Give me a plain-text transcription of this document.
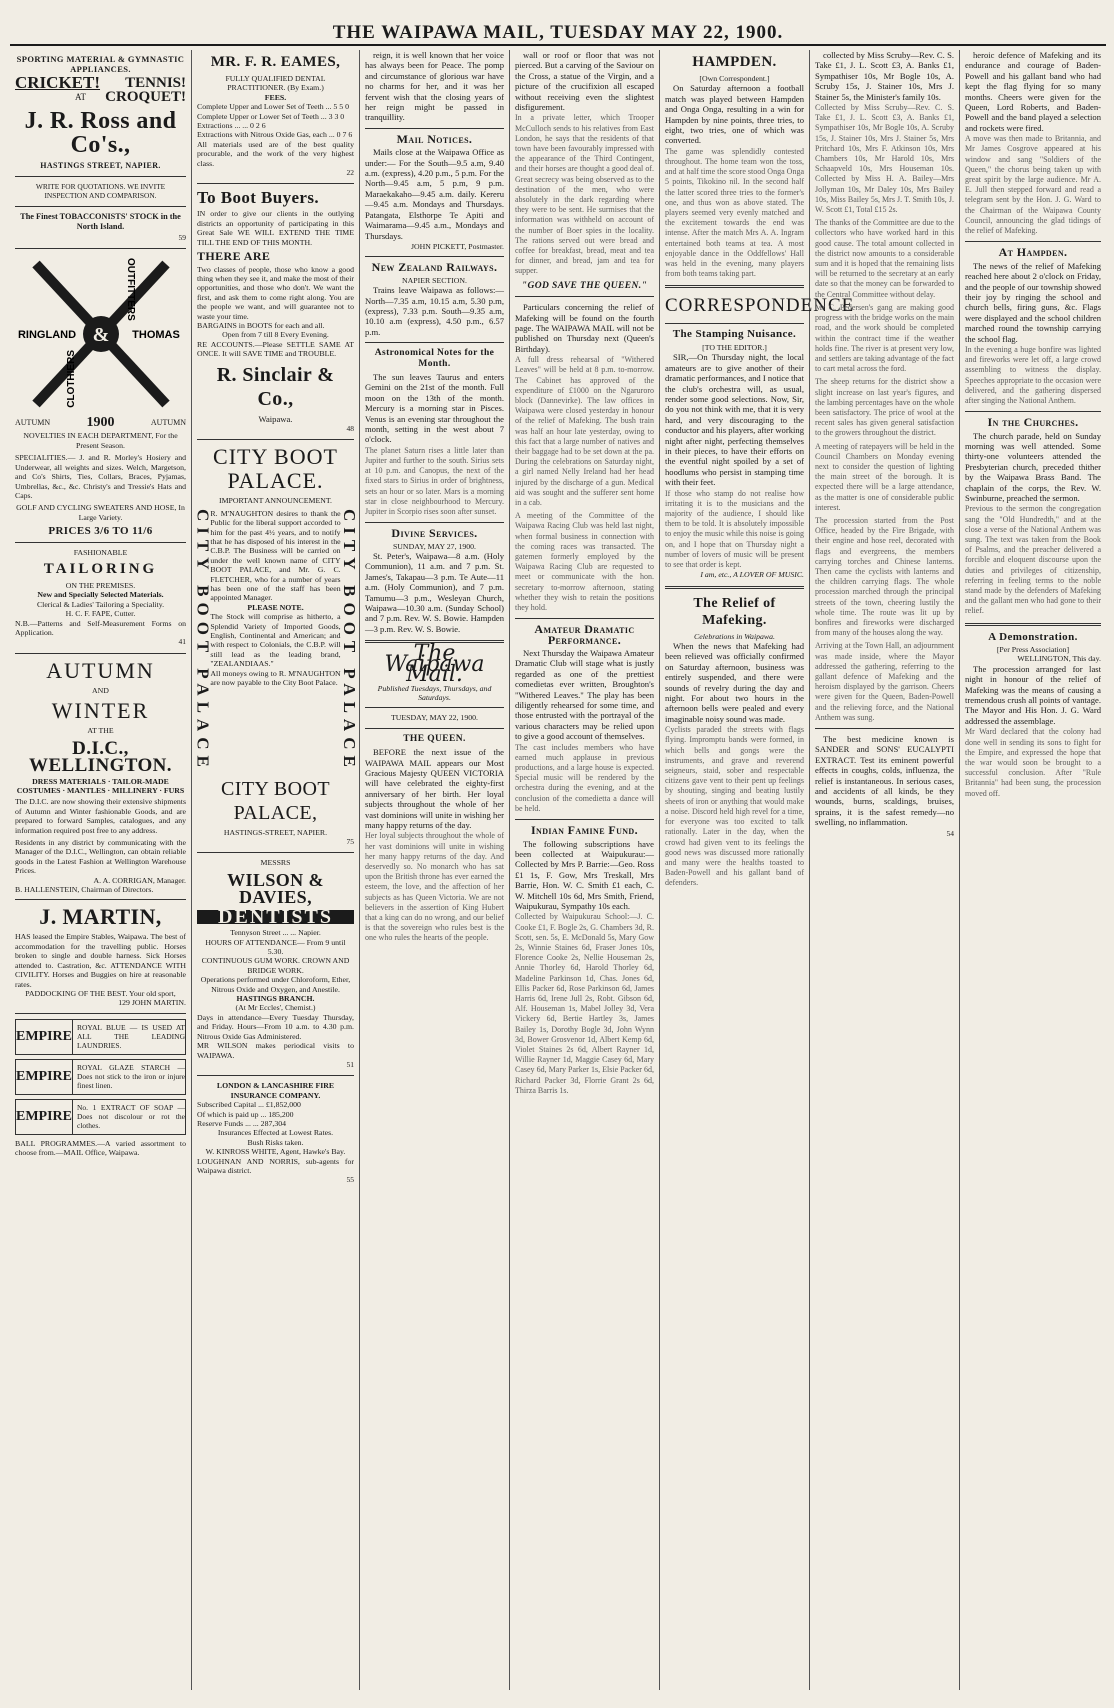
THE WAIPAWA MAIL, TUESDAY MAY 22, 1900.
SPORTING MATERIAL & GYMNASTIC APPLIANCES.
CRICKET! TENNIS!
AT CROQUET!
J. R. Ross and Co's.,
HASTINGS STREET, NAPIER.
WRITE FOR QUOTATIONS. WE INVITE INSPECTION AND COMPARISON.
The Finest TOBACCONISTS' STOCK in the North Island.
59
&
RINGLAND	THOMAS
OUTFITTERS
CLOTHIERS
AUTUMN	1900	AUTUMN
NOVELTIES IN EACH DEPARTMENT, For the Present Season.
SPECIALITIES.— J. and R. Morley's Hosiery and Underwear, all weights and sizes. Welch, Margetson, and Co's Shirts, Ties, Collars, Braces, Pyjamas, Umbrellas, &c., &c. Christy's and Tressie's Hats and Caps.
GOLF AND CYCLING SWEATERS AND HOSE, In Large Variety.
PRICES 3/6 TO 11/6
FASHIONABLE
TAILORING
ON THE PREMISES.
New and Specially Selected Materials.
Clerical & Ladies' Tailoring a Speciality.
H. C. F. FAPE, Cutter.
N.B.—Patterns and Self-Measurement Forms on Application.
41
AUTUMN
AND
WINTER
AT THE
D.I.C., WELLINGTON.
DRESS MATERIALS · TAILOR-MADE COSTUMES · MANTLES · MILLINERY · FURS
The D.I.C. are now showing their extensive shipments of Autumn and Winter fashionable Goods, and are prepared to forward Samples, catalogues, and any information required post free to any address.
Residents in any district by communicating with the Manager of the D.I.C., Wellington, can obtain reliable goods in the Latest Fashion at Wellington Warehouse Prices.
A. A. CORRIGAN, Manager.
B. HALLENSTEIN, Chairman of Directors.
J. MARTIN,
HAS leased the Empire Stables, Waipawa. The best of accommodation for the travelling public. Horses broken to single and double harness. Sick Horses attended to. Castration, &c. ATTENDANCE WITH CIVILITY. Horses and Buggies on hire at reasonable rates.
PADDOCKING OF THE BEST. Your old sport,
129 JOHN MARTIN.
EMPIRE
ROYAL BLUE — IS USED AT ALL THE LEADING LAUNDRIES.
EMPIRE
ROYAL GLAZE STARCH — Does not stick to the iron or injure finest linen.
EMPIRE
No. 1 EXTRACT OF SOAP — Does not discolour or rot the clothes.
BALL PROGRAMMES.—A varied assortment to choose from.—MAIL Office, Waipawa.
MR. F. R. EAMES,
FULLY QUALIFIED DENTAL PRACTITIONER. (By Exam.)
FEES.
Complete Upper and Lower Set of Teeth ... 5 5 0
Complete Upper or Lower Set of Teeth ... 3 3 0
Extractions ... ... 0 2 6
Extractions with Nitrous Oxide Gas, each ... 0 7 6
All materials used are of the best quality procurable, and the work of the very highest class.
22
To Boot Buyers.
IN order to give our clients in the outlying districts an opportunity of participating in this Great Sale WE WILL EXTEND THE TIME TILL THE END OF THIS MONTH.
THERE ARE
Two classes of people, those who know a good thing when they see it, and make the most of their opportunities, and those who don't. We want the first, and ask them to come right along. You are the people we want, and will guarantee not to waste your time.
BARGAINS in BOOTS for each and all.
Open from 7 till 8 Every Evening.
RE ACCOUNTS.—Please SETTLE SAME AT ONCE. It will SAVE TIME and TROUBLE.
R. Sinclair & Co.,
Waipawa.
48
CITY BOOT PALACE.
IMPORTANT ANNOUNCEMENT.
CITY BOOT PALACE
R. M'NAUGHTON desires to thank the Public for the liberal support accorded to him for the past 4½ years, and to notify that he has disposed of his interest in the C.B.P. The Business will be carried on under the well known name of CITY BOOT PALACE, and Mr. G. C. FLETCHER, who for a number of years has been one of the staff has been appointed Manager.
PLEASE NOTE.
The Stock will comprise as hitherto, a Splendid Variety of Imported Goods, English, Continental and American; and with respect to Colonials, the C.B.P. will still lead as the leading brand, "ZEALANDIAAS."
All moneys owing to R. M'NAUGHTON are now payable to the City Boot Palace. CITY BOOT PALACE
CITY BOOT PALACE,
HASTINGS-STREET, NAPIER.
75
MESSRS
WILSON & DAVIES,
DENTISTS
Tennyson Street ... ... Napier.
HOURS OF ATTENDANCE— From 9 until 5.30.
CONTINUOUS GUM WORK. CROWN AND BRIDGE WORK.
Operations performed under Chloroform, Ether, Nitrous Oxide and Oxygen, and Anestile.
HASTINGS BRANCH.
(At Mr Eccles', Chemist.)
Days in attendance—Every Tuesday Thursday, and Friday. Hours—From 10 a.m. to 4.30 p.m. Nitrous Oxide Gas Administered.
MR WILSON makes periodical visits to WAIPAWA.
51
LONDON & LANCASHIRE FIRE INSURANCE COMPANY.
Subscribed Capital ... £1,852,000
Of which is paid up ... 185,200
Reserve Funds ... ... 287,304
Insurances Effected at Lowest Rates.
Bush Risks taken.
W. KINROSS WHITE, Agent, Hawke's Bay.
LOUGHNAN AND NORRIS, sub-agents for Waipawa district.
55

reign, it is well known that her voice has always been for Peace. The pomp and circumstance of glorious war have no charms for her, and it was her fervent wish that the closing years of her reign might be passed in tranquillity.

Mail Notices.

Mails close at the Waipawa Office as under:— For the South—9.5 a.m, 9.40 a.m. (express), 4.20 p.m., 5 p.m. For the North—9.45 a.m, 5 p.m, 9 p.m. Maraekakaho—9.45 a.m. daily. Kereru—9.45 a.m. Mondays and Thursdays. Patangata, Elsthorpe Te Apiti and Waimarama—9.45 a.m., Mondays and Thursdays.

JOHN PICKETT, Postmaster.
New Zealand Railways.
NAPIER SECTION.

Trains leave Waipawa as follows:— North—7.35 a.m, 10.15 a.m, 5.30 p.m, (express), 7.33 p.m. South—9.35 a.m, 10.10 a.m (express), 4.50 p.m., 6.57 p.m.

Astronomical Notes for the Month.

The sun leaves Taurus and enters Gemini on the 21st of the month. Full moon on the 13th of the month. Mercury is a morning star in Pisces. Venus is an evening star throughout the month, setting in the west about 7 o'clock.

The planet Saturn rises a little later than Jupiter and further to the south. Sirius sets at 10 p.m. and Canopus, the next of the fixed stars to Sirius in order of brightness, sets an hour or so later. Mars is a morning star in close neighbourhood to Mercury. Jupiter in Scorpio rises soon after sunset.
Divine Services.
SUNDAY, MAY 27, 1900.

St. Peter's, Waipawa—8 a.m. (Holy Communion), 11 a.m. and 7 p.m. St. James's, Takapau—3 p.m. Te Aute—11 a.m. (Holy Communion), and 7 p.m. Tamumu—3 p.m., Wesleyan Church, Waipawa—10.30 a.m. (Sunday School) and 7 p.m. Rev. W. S. Bowie. Hampden—3 p.m. Rev. W. S. Bowie.

The Waipawa Mail.
Published Tuesdays, Thursdays, and Saturdays.
TUESDAY, MAY 22, 1900.
THE QUEEN.

BEFORE the next issue of the WAIPAWA MAIL appears our Most Gracious Majesty QUEEN VICTORIA will have celebrated the eighty-first anniversary of her birth. Her loyal subjects throughout the whole of her vast dominions will unite in wishing her many happy returns of the day.

Her loyal subjects throughout the whole of her vast dominions will unite in wishing her many happy returns of the day. And deservedly so. No monarch who has sat upon the British throne has ever earned the esteem, the love, and the affection of her subjects as has Queen Victoria. We are not believers in the assertion of King Hubert that a king can do no wrong, and our belief is that the sovereign who rules best is the one who rules the hearts of the people.

wall or roof or floor that was not pierced. But a carving of the Saviour on the Cross, a statue of the Virgin, and a picture of the crucifixion all escaped without receiving even the slightest disfigurement.

In a private letter, which Trooper McCulloch sends to his relatives from East London, he says that the residents of that town have been favourably impressed with the appearance of the Third Contingent, and their horses are thought a good deal of. Great secrecy was being observed as to the destination of the men, who were absolutely in the dark regarding where they were to be sent. He surmises that the information was withheld on account of the number of Boer spies in the locality. The rations served out were bread and coffee for breakfast, bread, meat and tea for dinner, and bread, jam and tea for supper.
"GOD SAVE THE QUEEN."

Particulars concerning the relief of Mafeking will be found on the fourth page. The WAIPAWA MAIL will not be published on Thursday next (Queen's Birthday).

A full dress rehearsal of "Withered Leaves" will be held at 8 p.m. to-morrow. The Cabinet has approved of the expenditure of £1000 on the Ngaruroro block (Dannevirke). The law offices in Waipawa were closed yesterday in honour of the relief of Mafeking. The bush train was half an hour late yesterday, owing to this fact that a large number of natives and their baggage had to be set down at the pa. During the celebrations on Saturday night, a girl named Nelly Ireland had her head injured by the discharge of a gun. Medical aid was sought and the sufferer sent home in a cab.
A meeting of the Committee of the Waipawa Racing Club was held last night, when formal business in connection with the coming races was transacted. The gatemen formerly employed by the Waipawa Racing Club are requested to meet or communicate with the hon. secretary to-morrow afternoon, stating whether they wish to retain the positions they hold.
Amateur Dramatic Performance.

Next Thursday the Waipawa Amateur Dramatic Club will stage what is justly regarded as one of the prettiest comedietas ever written, Broughton's "Withered Leaves." The play has been diligently rehearsed for some time, and those entrusted with the portrayal of the various characters may be relied upon to give a good account of themselves.

The cast includes members who have earned much applause in previous productions, and a large house is expected. Special music will be rendered by the orchestra during the evening, and at the conclusion of the comedietta a dance will be held.
Indian Famine Fund.

The following subscriptions have been collected at Waipukurau:— Collected by Mrs P. Barrie:—Geo. Ross £1 1s, F. Gow, Mrs Treskall, Mrs Barrie, Hon. W. C. Smith £1 each, C. W. Mitchell 10s 6d, Mrs Smith, Friend, Waipukurau, Sympathy 10s each.

Collected by Waipukurau School:—J. C. Cooke £1, F. Bogle 2s, G. Chambers 3d, R. Scott, sen. 5s, E. McDonald 5s, Mary Gow 2s, Winnie Staines 6d, Fraser Jones 10s, Florence Cooke 2s, Nellie Houseman 2s, Annie Thorley 6d, Harold Thorley 6d, Madeline Parkinson 1d, Chas. Jones 6d, Ellis Packer 6d, Rose Parkinson 6d, James Harris 6d, Irene Jull 2s, Robt. Gibson 6d, Alf. Houseman 1s, Mabel Jolley 3d, Vera Vickery 6d, Bertie Hartley 3s, James Bailey 1s, Dorothy Bogle 3d, John Wynn 3d, Bower Grosvenor 1d, Albert Kemp 6d, Violet Staines 2s 6d, Albert Rayner 1d, Willie Rayner 1d, Maggie Casey 6d, Mary Casey 6d, Mary Parker 1s, Elsie Packer 6d, Richard Packer 3d, Florrie Grant 2s 6d, Thirza Barris 1s.
HAMPDEN.
[Own Correspondent.]

On Saturday afternoon a football match was played between Hampden and Onga Onga, resulting in a win for Hampden by nine points, three tries, to eight, two tries, one of which was converted.

The game was splendidly contested throughout. The home team won the toss, and at half time the score stood Onga Onga 5 points, Tikokino nil. In the second half the latter scored three tries to the former's one, and thus won as above stated. The players seemed very evenly matched and the excitement towards the end was intense. After the match Mrs A. A. Ingram entertained both teams at tea. A most enjoyable dance in the Oddfellows' Hall was held in the evening, many players from both teams taking part.
CORRESPONDENCE
The Stamping Nuisance.
[TO THE EDITOR.]

SIR,—On Thursday night, the local amateurs are to give another of their dramatic performances, and I notice that the club's orchestra will, as usual, render some good selections. Now, Sir, do you not think with me, that it is very hard, and very discouraging to the conductor and his players, after working night after night, perfecting themselves in their pieces, to have their efforts on the eventful night spoiled by a set of hoodlums who persist in stamping time with their feet.

If those who stamp do not realise how irritating it is to the musicians and the majority of the audience, I should like them to be told. It is absolutely impossible to enjoy the music while this noise is going on, and I hope that on Thursday night a number of lovers of music will be present to see that order is kept.
I am, etc., A LOVER OF MUSIC.
The Relief of Mafeking.
Celebrations in Waipawa.

When the news that Mafeking had been relieved was officially confirmed on Saturday afternoon, business was entirely suspended, and there were sounds of revelry during the day and night. For about two hours in the afternoon bells were pealed and every imaginable noisy sound was made.

Cyclists paraded the streets with flags flying. Impromptu bands were formed, in which bells and gongs were the instruments, and grave and reverend seigneurs, staid, sober and respectable citizens gave vent to their pent up feelings by shouting, singing and beating lustily sheets of iron or anything that would make a noise. Discord held high revel for a time, for everyone was too excited to talk rationally. Later in the day, when the crowd had given vent to its feelings the good news was discussed more rationally and many were the healths toasted to Baden-Powell and his gallant band of defenders.

collected by Miss Scruby—Rev. C. S. Take £1, J. L. Scott £3, A. Banks £1, Sympathiser 10s, Mr Bogle 10s, A. Scruby 15s, J. Stainer 10s, Mrs J. Stainer 5s, the Minister's family 10s.

Collected by Miss Scruby—Rev. C. S. Take £1, J. L. Scott £3, A. Banks £1, Sympathiser 10s, Mr Bogle 10s, A. Scruby 15s, J. Stainer 10s, Mrs J. Stainer 5s, Mrs Pritchard 10s, Mrs F. Atkinson 10s, Mrs Chambers 10s, Mr Harold 10s, Mrs Schaapveld 10s, Mrs Houseman 10s. Collected by Miss H. A. Bailey—Mrs Jollyman 10s, Mr Daley 10s, Mrs Bailey 10s, Miss Bailey 5s, Mrs J. T. Smith 10s, J. W. Scott £1, Total £15 2s.
The thanks of the Committee are due to the collectors who have worked hard in this good cause. The total amount collected in the district now amounts to a considerable sum and it is hoped that the remaining lists will be returned to the secretary at an early date so that the money can be forwarded to the Central Committee without delay.
Mr C. Pedersen's gang are making good progress with the bridge works on the main road, and the work should be completed within the contract time if the weather holds fine. The river is at present very low, and settlers are taking advantage of the fact to cart metal across the ford.
The sheep returns for the district show a slight increase on last year's figures, and the lambing percentages have on the whole been satisfactory. The price of wool at the recent sales has given general satisfaction to the growers throughout the district.
A meeting of ratepayers will be held in the Council Chambers on Monday evening next to consider the question of lighting the main street of the borough. It is expected there will be a large attendance, as the matter is one of considerable public interest.
The procession started from the Post Office, headed by the Fire Brigade, with their engine and hose reel, decorated with flags and evergreens, the members carrying torches and Chinese lanterns. Then came the cyclists with lanterns and the children carrying flags. The whole procession marched through the principal streets of the town, cheering lustily the whole time. The route was lit up by bonfires and fireworks were discharged from many of the houses along the way.
Arriving at the Town Hall, an adjournment was made inside, where the Mayor addressed the gathering, referring to the gallant defence of Mafeking and the heroism displayed by the garrison. Cheers were given for the Queen, Baden-Powell and the relieving force, and the National Anthem was sung.

The best medicine known is SANDER and SONS' EUCALYPTI EXTRACT. Test its eminent powerful effects in coughs, colds, influenza, the relief is instantaneous. In serious cases, and accidents of all kinds, be they wounds, burns, scaldings, bruises, sprains, it is the safest remedy—no swelling, no inflammation.

54

heroic defence of Mafeking and its endurance and courage of Baden-Powell and his gallant band who had kept the flag flying for so many months. Cheers were given for the Queen, Lord Roberts, and Baden-Powell and the band played a selection and rockets were fired.

A move was then made to Britannia, and Mr James Cosgrove appeared at his window and sang "Soldiers of the Queen," the chorus being taken up with great spirit by the large audience. Mr A. E. Jull then stepped forward and read a telegram sent by the Hon. J. G. Ward to the Chairman of the Waipawa County Council, announcing the glad tidings of the relief of Mafeking.
At Hampden.

The news of the relief of Mafeking reached here about 2 o'clock on Friday, and the people of our township showed their joy by ringing the school and church bells, firing guns, &c. Flags were displayed and the school children marched round the township carrying the school flag.

In the evening a huge bonfire was lighted and fireworks were let off, a large crowd assembling to witness the display. Speeches appropriate to the occasion were delivered, and the gathering dispersed after singing the National Anthem.
In the Churches.

The church parade, held on Sunday morning was well attended. Some thirty-one volunteers attended the Presbyterian church, preceded thither by the Waipawa Brass Band. The chaplain of the corps, the Rev. W. Swinburne, preached the sermon.

Previous to the sermon the congregation sang the "Old Hundredth," and at the close a verse of the National Anthem was sung. The text was taken from the Book of Psalms, and the preacher delivered a forcible and eloquent discourse upon the duties and privileges of citizenship, referring in feeling terms to the noble stand made by the defenders of Mafeking and the gallant men who had gone to their relief.
A Demonstration.
[Per Press Association]
WELLINGTON, This day.

The procession arranged for last night in honour of the relief of Mafeking was the means of causing a tremendous crush all points of vantage. The Mayor and His Hon. J. G. Ward addressed the assemblage.

Mr Ward declared that the colony had done well in sending its sons to fight for the Empire, and expressed the hope that the war would soon be brought to a successful conclusion. After "Rule Britannia" had been sung, the procession moved off.
